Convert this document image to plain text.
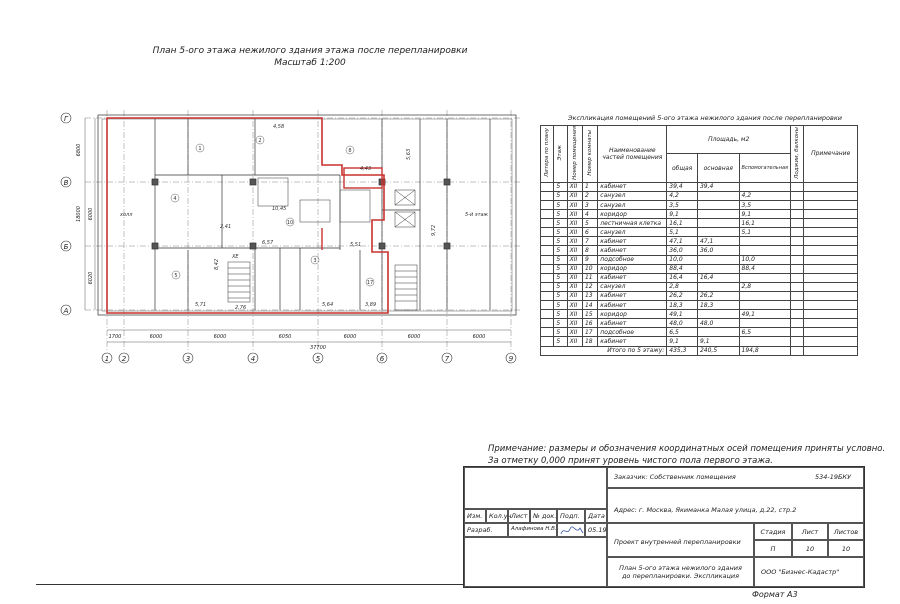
План 5-ого этажа нежилого здания этажа после перепланировки
Масштаб 1:200
Г
В
Б
А
1 2	3	4	5	6	7	9
6800
18000 6000
6020
1700	6000	6000	6050	6000	6000	6000
37700
холл	5-й этаж
ХЕ
4,58
5,51
9,72
5,63
8,42
5,71	2,76	5,64	3,89
10,45
6,57
2,41
4,43
1
4
8
17
5
10
2
3
Экспликация помещений 5-ого этажа нежилого здания после перепланировки
Литера по плану	Этаж	Номер помещения	Номер комнаты	Наименование частей помещения	Площадь, м2			Лоджии, балконы	Примечание
					общая	основная	Вспомогательная		
	5	XII	1	кабинет	39,4	39,4			
	5	XII	2	санузел	4,2		4,2		
	5	XII	3	санузел	3,5		3,5		
	5	XII	4	коридор	9,1		9,1		
	5	XII	5	лестничная клетка	16,1		16,1		
	5	XII	6	санузел	5,1		5,1		
	5	XII	7	кабинет	47,1	47,1			
	5	XII	8	кабинет	36,0	36,0			
	5	XII	9	подсобное	10,0		10,0		
	5	XII	10	коридор	88,4		88,4		
	5	XII	11	кабинет	16,4	16,4			
	5	XII	12	санузел	2,8		2,8		
	5	XII	13	кабинет	26,2	26,2			
	5	XII	14	кабинет	18,3	18,3			
	5	XII	15	коридор	49,1		49,1		
	5	XII	16	кабинет	48,0	48,0			
	5	XII	17	подсобное	6,5		6,5		
	5	XII	18	кабинет	9,1	9,1			
Итого по 5 этажу:					435,3	240,5	194,8		
Примечание: размеры и обозначения координатных осей помещения приняты условно.
За отметку 0,000 принят уровень чистого пола первого этажа.
Заказчик: Собственник помещения	534-19БКУ
Адрес: г. Москва, Якиманка Малая улица, д.22, стр.2
Изм.	Кол.уч Лист № док. Подп.	Дата
Разраб.	Алафинова Н.В.	05.19
Проект внутренней перепланировки
Стадия	Лист	Листов
П	10	10
План 5-ого этажа нежилого здания до перепланировки. Экспликация	ООО "Бизнес-Кадастр"
Формат А3
